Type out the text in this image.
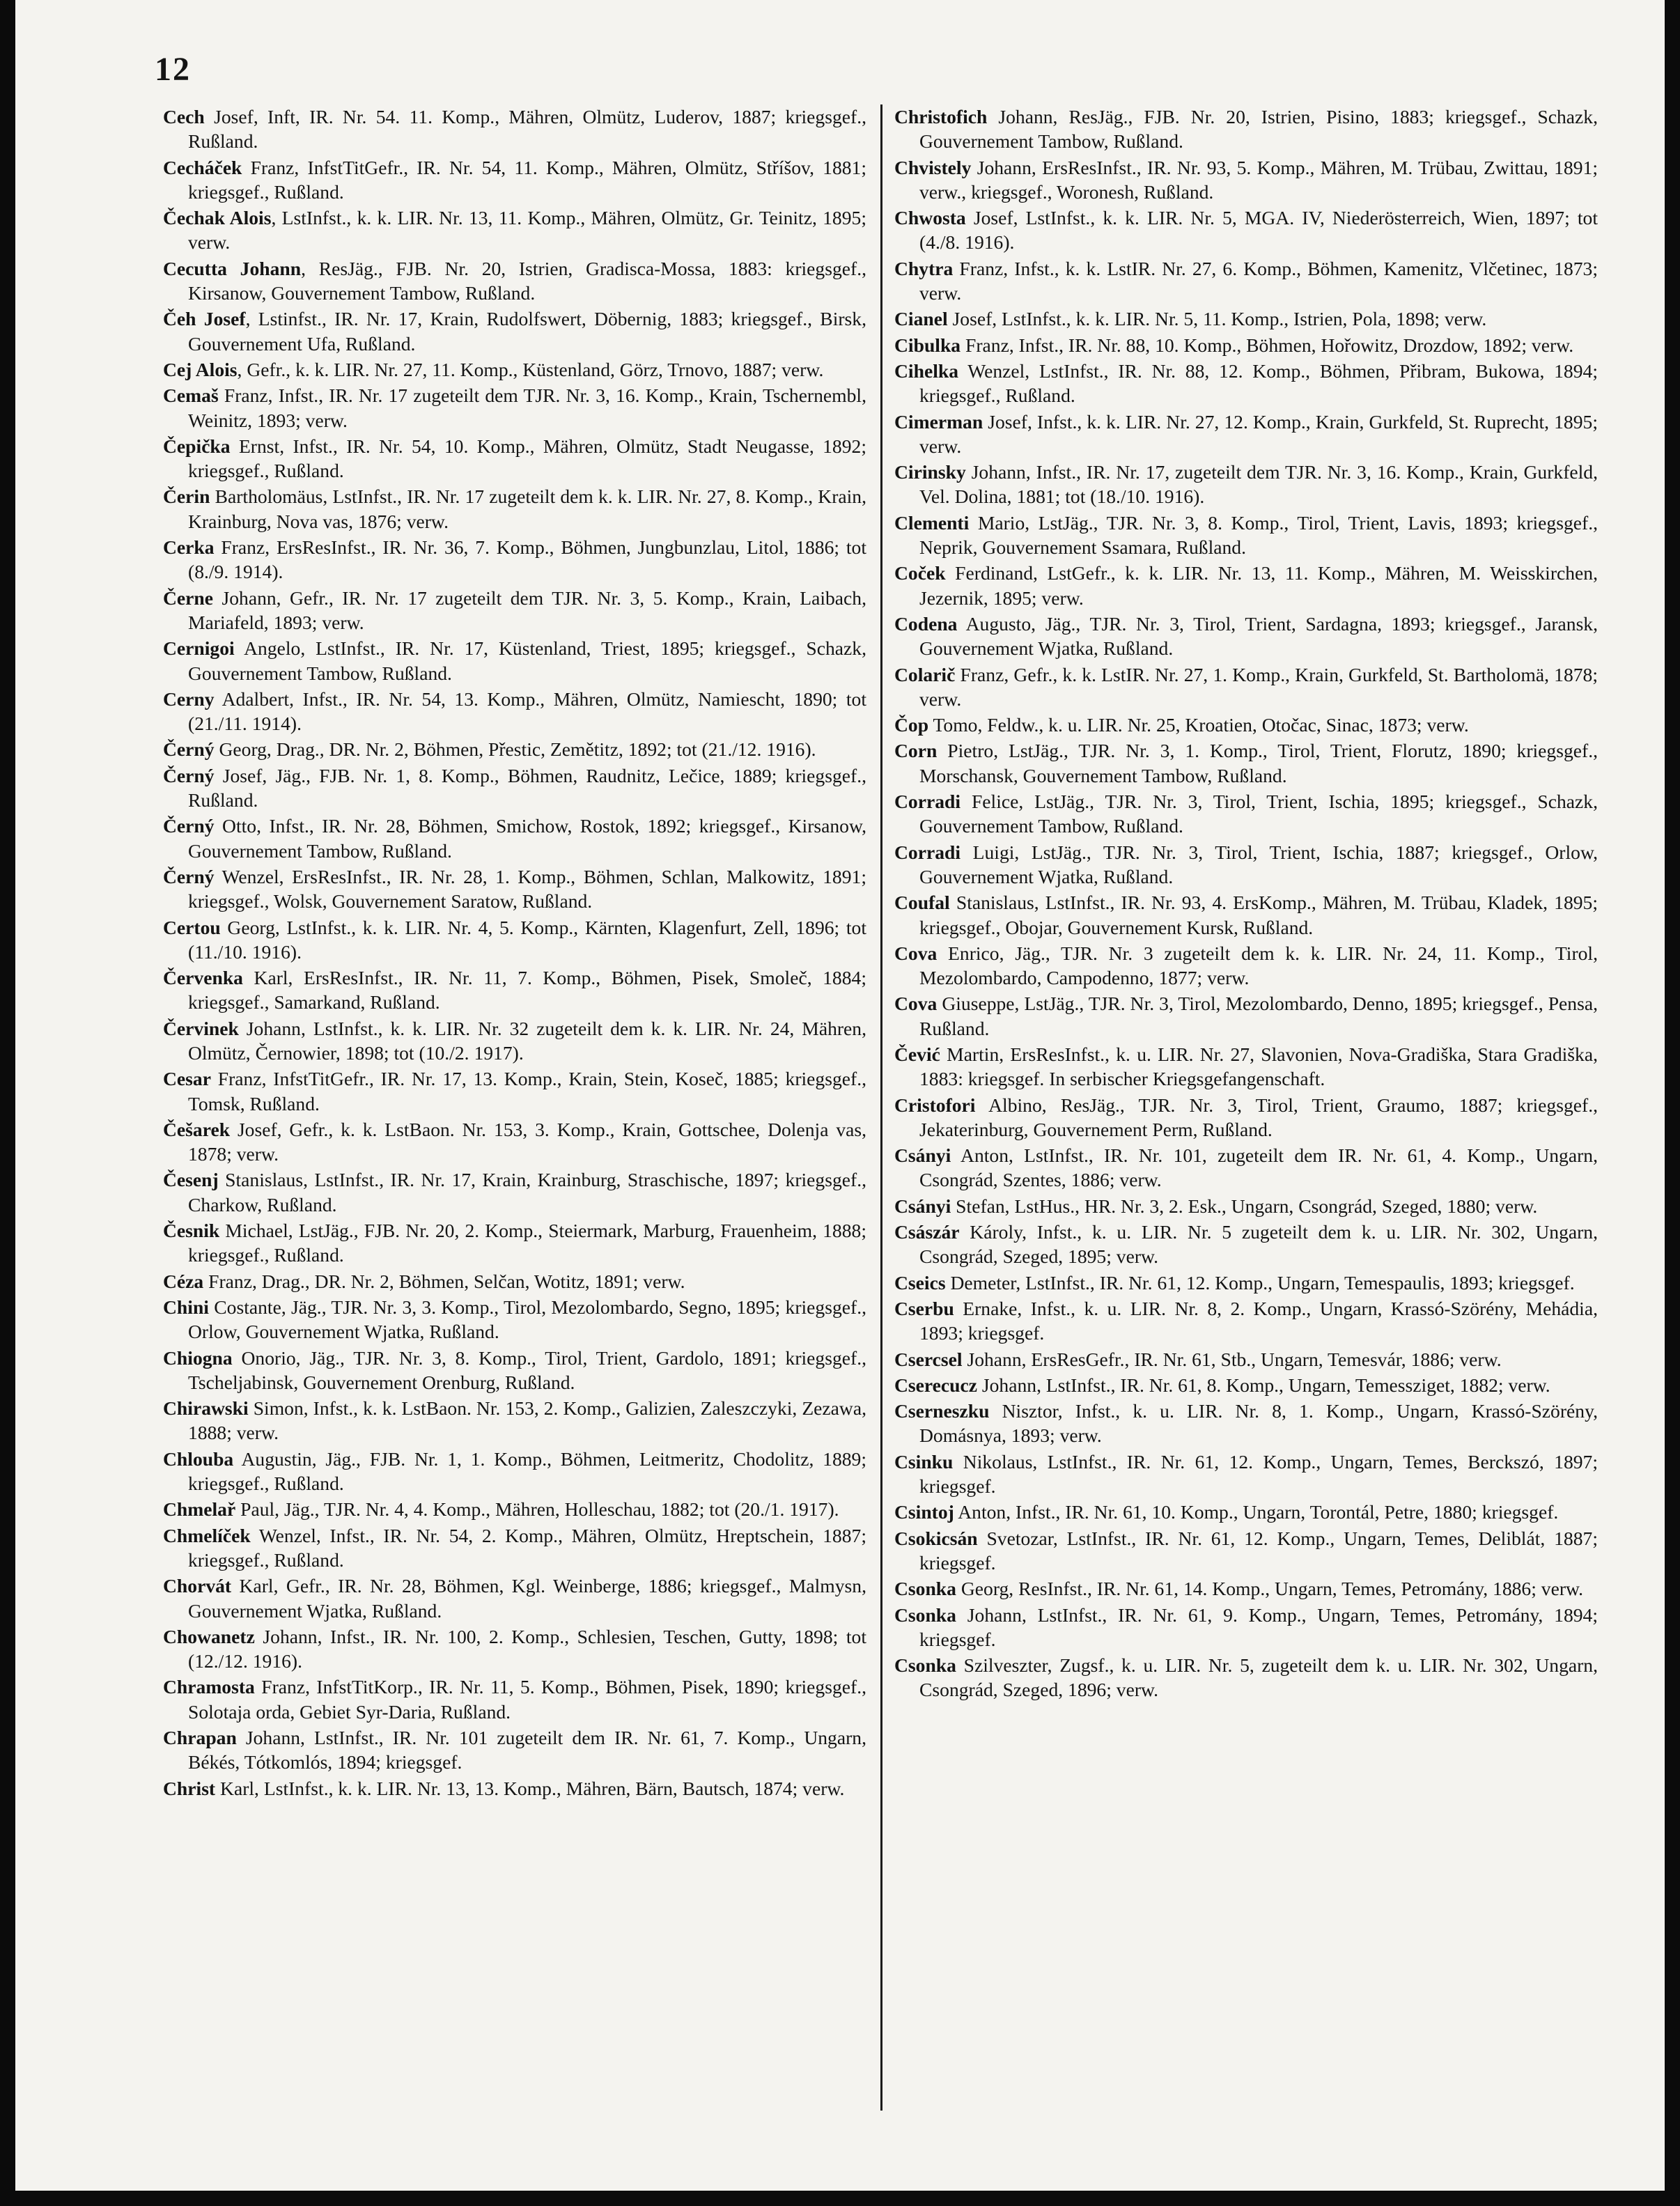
12

Cech Josef, Inft, IR. Nr. 54. 11. Komp., Mähren, Olmütz, Luderov, 1887; kriegsgef., Rußland.

Cecháček Franz, InfstTitGefr., IR. Nr. 54, 11. Komp., Mähren, Olmütz, Stříšov, 1881; kriegsgef., Rußland.

Čechak Alois, LstInfst., k. k. LIR. Nr. 13, 11. Komp., Mähren, Olmütz, Gr. Teinitz, 1895; verw.

Cecutta Johann, ResJäg., FJB. Nr. 20, Istrien, Gradisca-Mossa, 1883: kriegsgef., Kirsanow, Gouvernement Tambow, Rußland.

Čeh Josef, Lstinfst., IR. Nr. 17, Krain, Rudolfswert, Döbernig, 1883; kriegsgef., Birsk, Gouvernement Ufa, Rußland.

Cej Alois, Gefr., k. k. LIR. Nr. 27, 11. Komp., Küstenland, Görz, Trnovo, 1887; verw.

Cemaš Franz, Infst., IR. Nr. 17 zugeteilt dem TJR. Nr. 3, 16. Komp., Krain, Tschernembl, Weinitz, 1893; verw.

Čepička Ernst, Infst., IR. Nr. 54, 10. Komp., Mähren, Olmütz, Stadt Neugasse, 1892; kriegsgef., Rußland.

Čerin Bartholomäus, LstInfst., IR. Nr. 17 zugeteilt dem k. k. LIR. Nr. 27, 8. Komp., Krain, Krainburg, Nova vas, 1876; verw.

Cerka Franz, ErsResInfst., IR. Nr. 36, 7. Komp., Böhmen, Jungbunzlau, Litol, 1886; tot (8./9. 1914).

Černe Johann, Gefr., IR. Nr. 17 zugeteilt dem TJR. Nr. 3, 5. Komp., Krain, Laibach, Mariafeld, 1893; verw.

Cernigoi Angelo, LstInfst., IR. Nr. 17, Küstenland, Triest, 1895; kriegsgef., Schazk, Gouvernement Tambow, Rußland.

Cerny Adalbert, Infst., IR. Nr. 54, 13. Komp., Mähren, Olmütz, Namiescht, 1890; tot (21./11. 1914).

Černý Georg, Drag., DR. Nr. 2, Böhmen, Přestic, Zemětitz, 1892; tot (21./12. 1916).

Černý Josef, Jäg., FJB. Nr. 1, 8. Komp., Böhmen, Raudnitz, Lečice, 1889; kriegsgef., Rußland.

Černý Otto, Infst., IR. Nr. 28, Böhmen, Smichow, Rostok, 1892; kriegsgef., Kirsanow, Gouvernement Tambow, Rußland.

Černý Wenzel, ErsResInfst., IR. Nr. 28, 1. Komp., Böhmen, Schlan, Malkowitz, 1891; kriegsgef., Wolsk, Gouvernement Saratow, Rußland.

Certou Georg, LstInfst., k. k. LIR. Nr. 4, 5. Komp., Kärnten, Klagenfurt, Zell, 1896; tot (11./10. 1916).

Červenka Karl, ErsResInfst., IR. Nr. 11, 7. Komp., Böhmen, Pisek, Smoleč, 1884; kriegsgef., Samarkand, Rußland.

Červinek Johann, LstInfst., k. k. LIR. Nr. 32 zugeteilt dem k. k. LIR. Nr. 24, Mähren, Olmütz, Černowier, 1898; tot (10./2. 1917).

Cesar Franz, InfstTitGefr., IR. Nr. 17, 13. Komp., Krain, Stein, Koseč, 1885; kriegsgef., Tomsk, Rußland.

Češarek Josef, Gefr., k. k. LstBaon. Nr. 153, 3. Komp., Krain, Gottschee, Dolenja vas, 1878; verw.

Česenj Stanislaus, LstInfst., IR. Nr. 17, Krain, Krainburg, Straschische, 1897; kriegsgef., Charkow, Rußland.

Česnik Michael, LstJäg., FJB. Nr. 20, 2. Komp., Steiermark, Marburg, Frauenheim, 1888; kriegsgef., Rußland.

Céza Franz, Drag., DR. Nr. 2, Böhmen, Selčan, Wotitz, 1891; verw.

Chini Costante, Jäg., TJR. Nr. 3, 3. Komp., Tirol, Mezolombardo, Segno, 1895; kriegsgef., Orlow, Gouvernement Wjatka, Rußland.

Chiogna Onorio, Jäg., TJR. Nr. 3, 8. Komp., Tirol, Trient, Gardolo, 1891; kriegsgef., Tscheljabinsk, Gouvernement Orenburg, Rußland.

Chirawski Simon, Infst., k. k. LstBaon. Nr. 153, 2. Komp., Galizien, Zaleszczyki, Zezawa, 1888; verw.

Chlouba Augustin, Jäg., FJB. Nr. 1, 1. Komp., Böhmen, Leitmeritz, Chodolitz, 1889; kriegsgef., Rußland.

Chmelař Paul, Jäg., TJR. Nr. 4, 4. Komp., Mähren, Holleschau, 1882; tot (20./1. 1917).

Chmelíček Wenzel, Infst., IR. Nr. 54, 2. Komp., Mähren, Olmütz, Hreptschein, 1887; kriegsgef., Rußland.

Chorvát Karl, Gefr., IR. Nr. 28, Böhmen, Kgl. Weinberge, 1886; kriegsgef., Malmysn, Gouvernement Wjatka, Rußland.

Chowanetz Johann, Infst., IR. Nr. 100, 2. Komp., Schlesien, Teschen, Gutty, 1898; tot (12./12. 1916).

Chramosta Franz, InfstTitKorp., IR. Nr. 11, 5. Komp., Böhmen, Pisek, 1890; kriegsgef., Solotaja orda, Gebiet Syr-Daria, Rußland.

Chrapan Johann, LstInfst., IR. Nr. 101 zugeteilt dem IR. Nr. 61, 7. Komp., Ungarn, Békés, Tótkomlós, 1894; kriegsgef.

Christ Karl, LstInfst., k. k. LIR. Nr. 13, 13. Komp., Mähren, Bärn, Bautsch, 1874; verw.

Christofich Johann, ResJäg., FJB. Nr. 20, Istrien, Pisino, 1883; kriegsgef., Schazk, Gouvernement Tambow, Rußland.

Chvistely Johann, ErsResInfst., IR. Nr. 93, 5. Komp., Mähren, M. Trübau, Zwittau, 1891; verw., kriegsgef., Woronesh, Rußland.

Chwosta Josef, LstInfst., k. k. LIR. Nr. 5, MGA. IV, Niederösterreich, Wien, 1897; tot (4./8. 1916).

Chytra Franz, Infst., k. k. LstIR. Nr. 27, 6. Komp., Böhmen, Kamenitz, Vlčetinec, 1873; verw.

Cianel Josef, LstInfst., k. k. LIR. Nr. 5, 11. Komp., Istrien, Pola, 1898; verw.

Cibulka Franz, Infst., IR. Nr. 88, 10. Komp., Böhmen, Hořowitz, Drozdow, 1892; verw.

Cihelka Wenzel, LstInfst., IR. Nr. 88, 12. Komp., Böhmen, Přibram, Bukowa, 1894; kriegsgef., Rußland.

Cimerman Josef, Infst., k. k. LIR. Nr. 27, 12. Komp., Krain, Gurkfeld, St. Ruprecht, 1895; verw.

Cirinsky Johann, Infst., IR. Nr. 17, zugeteilt dem TJR. Nr. 3, 16. Komp., Krain, Gurkfeld, Vel. Dolina, 1881; tot (18./10. 1916).

Clementi Mario, LstJäg., TJR. Nr. 3, 8. Komp., Tirol, Trient, Lavis, 1893; kriegsgef., Neprik, Gouvernement Ssamara, Rußland.

Coček Ferdinand, LstGefr., k. k. LIR. Nr. 13, 11. Komp., Mähren, M. Weisskirchen, Jezernik, 1895; verw.

Codena Augusto, Jäg., TJR. Nr. 3, Tirol, Trient, Sardagna, 1893; kriegsgef., Jaransk, Gouvernement Wjatka, Rußland.

Colarič Franz, Gefr., k. k. LstIR. Nr. 27, 1. Komp., Krain, Gurkfeld, St. Bartholomä, 1878; verw.

Čop Tomo, Feldw., k. u. LIR. Nr. 25, Kroatien, Otočac, Sinac, 1873; verw.

Corn Pietro, LstJäg., TJR. Nr. 3, 1. Komp., Tirol, Trient, Florutz, 1890; kriegsgef., Morschansk, Gouvernement Tambow, Rußland.

Corradi Felice, LstJäg., TJR. Nr. 3, Tirol, Trient, Ischia, 1895; kriegsgef., Schazk, Gouvernement Tambow, Rußland.

Corradi Luigi, LstJäg., TJR. Nr. 3, Tirol, Trient, Ischia, 1887; kriegsgef., Orlow, Gouvernement Wjatka, Rußland.

Coufal Stanislaus, LstInfst., IR. Nr. 93, 4. ErsKomp., Mähren, M. Trübau, Kladek, 1895; kriegsgef., Obojar, Gouvernement Kursk, Rußland.

Cova Enrico, Jäg., TJR. Nr. 3 zugeteilt dem k. k. LIR. Nr. 24, 11. Komp., Tirol, Mezolombardo, Campodenno, 1877; verw.

Cova Giuseppe, LstJäg., TJR. Nr. 3, Tirol, Mezolombardo, Denno, 1895; kriegsgef., Pensa, Rußland.

Čević Martin, ErsResInfst., k. u. LIR. Nr. 27, Slavonien, Nova-Gradiška, Stara Gradiška, 1883: kriegsgef. In serbischer Kriegsgefangenschaft.

Cristofori Albino, ResJäg., TJR. Nr. 3, Tirol, Trient, Graumo, 1887; kriegsgef., Jekaterinburg, Gouvernement Perm, Rußland.

Csányi Anton, LstInfst., IR. Nr. 101, zugeteilt dem IR. Nr. 61, 4. Komp., Ungarn, Csongrád, Szentes, 1886; verw.

Csányi Stefan, LstHus., HR. Nr. 3, 2. Esk., Ungarn, Csongrád, Szeged, 1880; verw.

Császár Károly, Infst., k. u. LIR. Nr. 5 zugeteilt dem k. u. LIR. Nr. 302, Ungarn, Csongrád, Szeged, 1895; verw.

Cseics Demeter, LstInfst., IR. Nr. 61, 12. Komp., Ungarn, Temespaulis, 1893; kriegsgef.

Cserbu Ernake, Infst., k. u. LIR. Nr. 8, 2. Komp., Ungarn, Krassó-Szörény, Mehádia, 1893; kriegsgef.

Csercsel Johann, ErsResGefr., IR. Nr. 61, Stb., Ungarn, Temesvár, 1886; verw.

Cserecucz Johann, LstInfst., IR. Nr. 61, 8. Komp., Ungarn, Temessziget, 1882; verw.

Cserneszku Nisztor, Infst., k. u. LIR. Nr. 8, 1. Komp., Ungarn, Krassó-Szörény, Domásnya, 1893; verw.

Csinku Nikolaus, LstInfst., IR. Nr. 61, 12. Komp., Ungarn, Temes, Berckszó, 1897; kriegsgef.

Csintoj Anton, Infst., IR. Nr. 61, 10. Komp., Ungarn, Torontál, Petre, 1880; kriegsgef.

Csokicsán Svetozar, LstInfst., IR. Nr. 61, 12. Komp., Ungarn, Temes, Deliblát, 1887; kriegsgef.

Csonka Georg, ResInfst., IR. Nr. 61, 14. Komp., Ungarn, Temes, Petromány, 1886; verw.

Csonka Johann, LstInfst., IR. Nr. 61, 9. Komp., Ungarn, Temes, Petromány, 1894; kriegsgef.

Csonka Szilveszter, Zugsf., k. u. LIR. Nr. 5, zugeteilt dem k. u. LIR. Nr. 302, Ungarn, Csongrád, Szeged, 1896; verw.
